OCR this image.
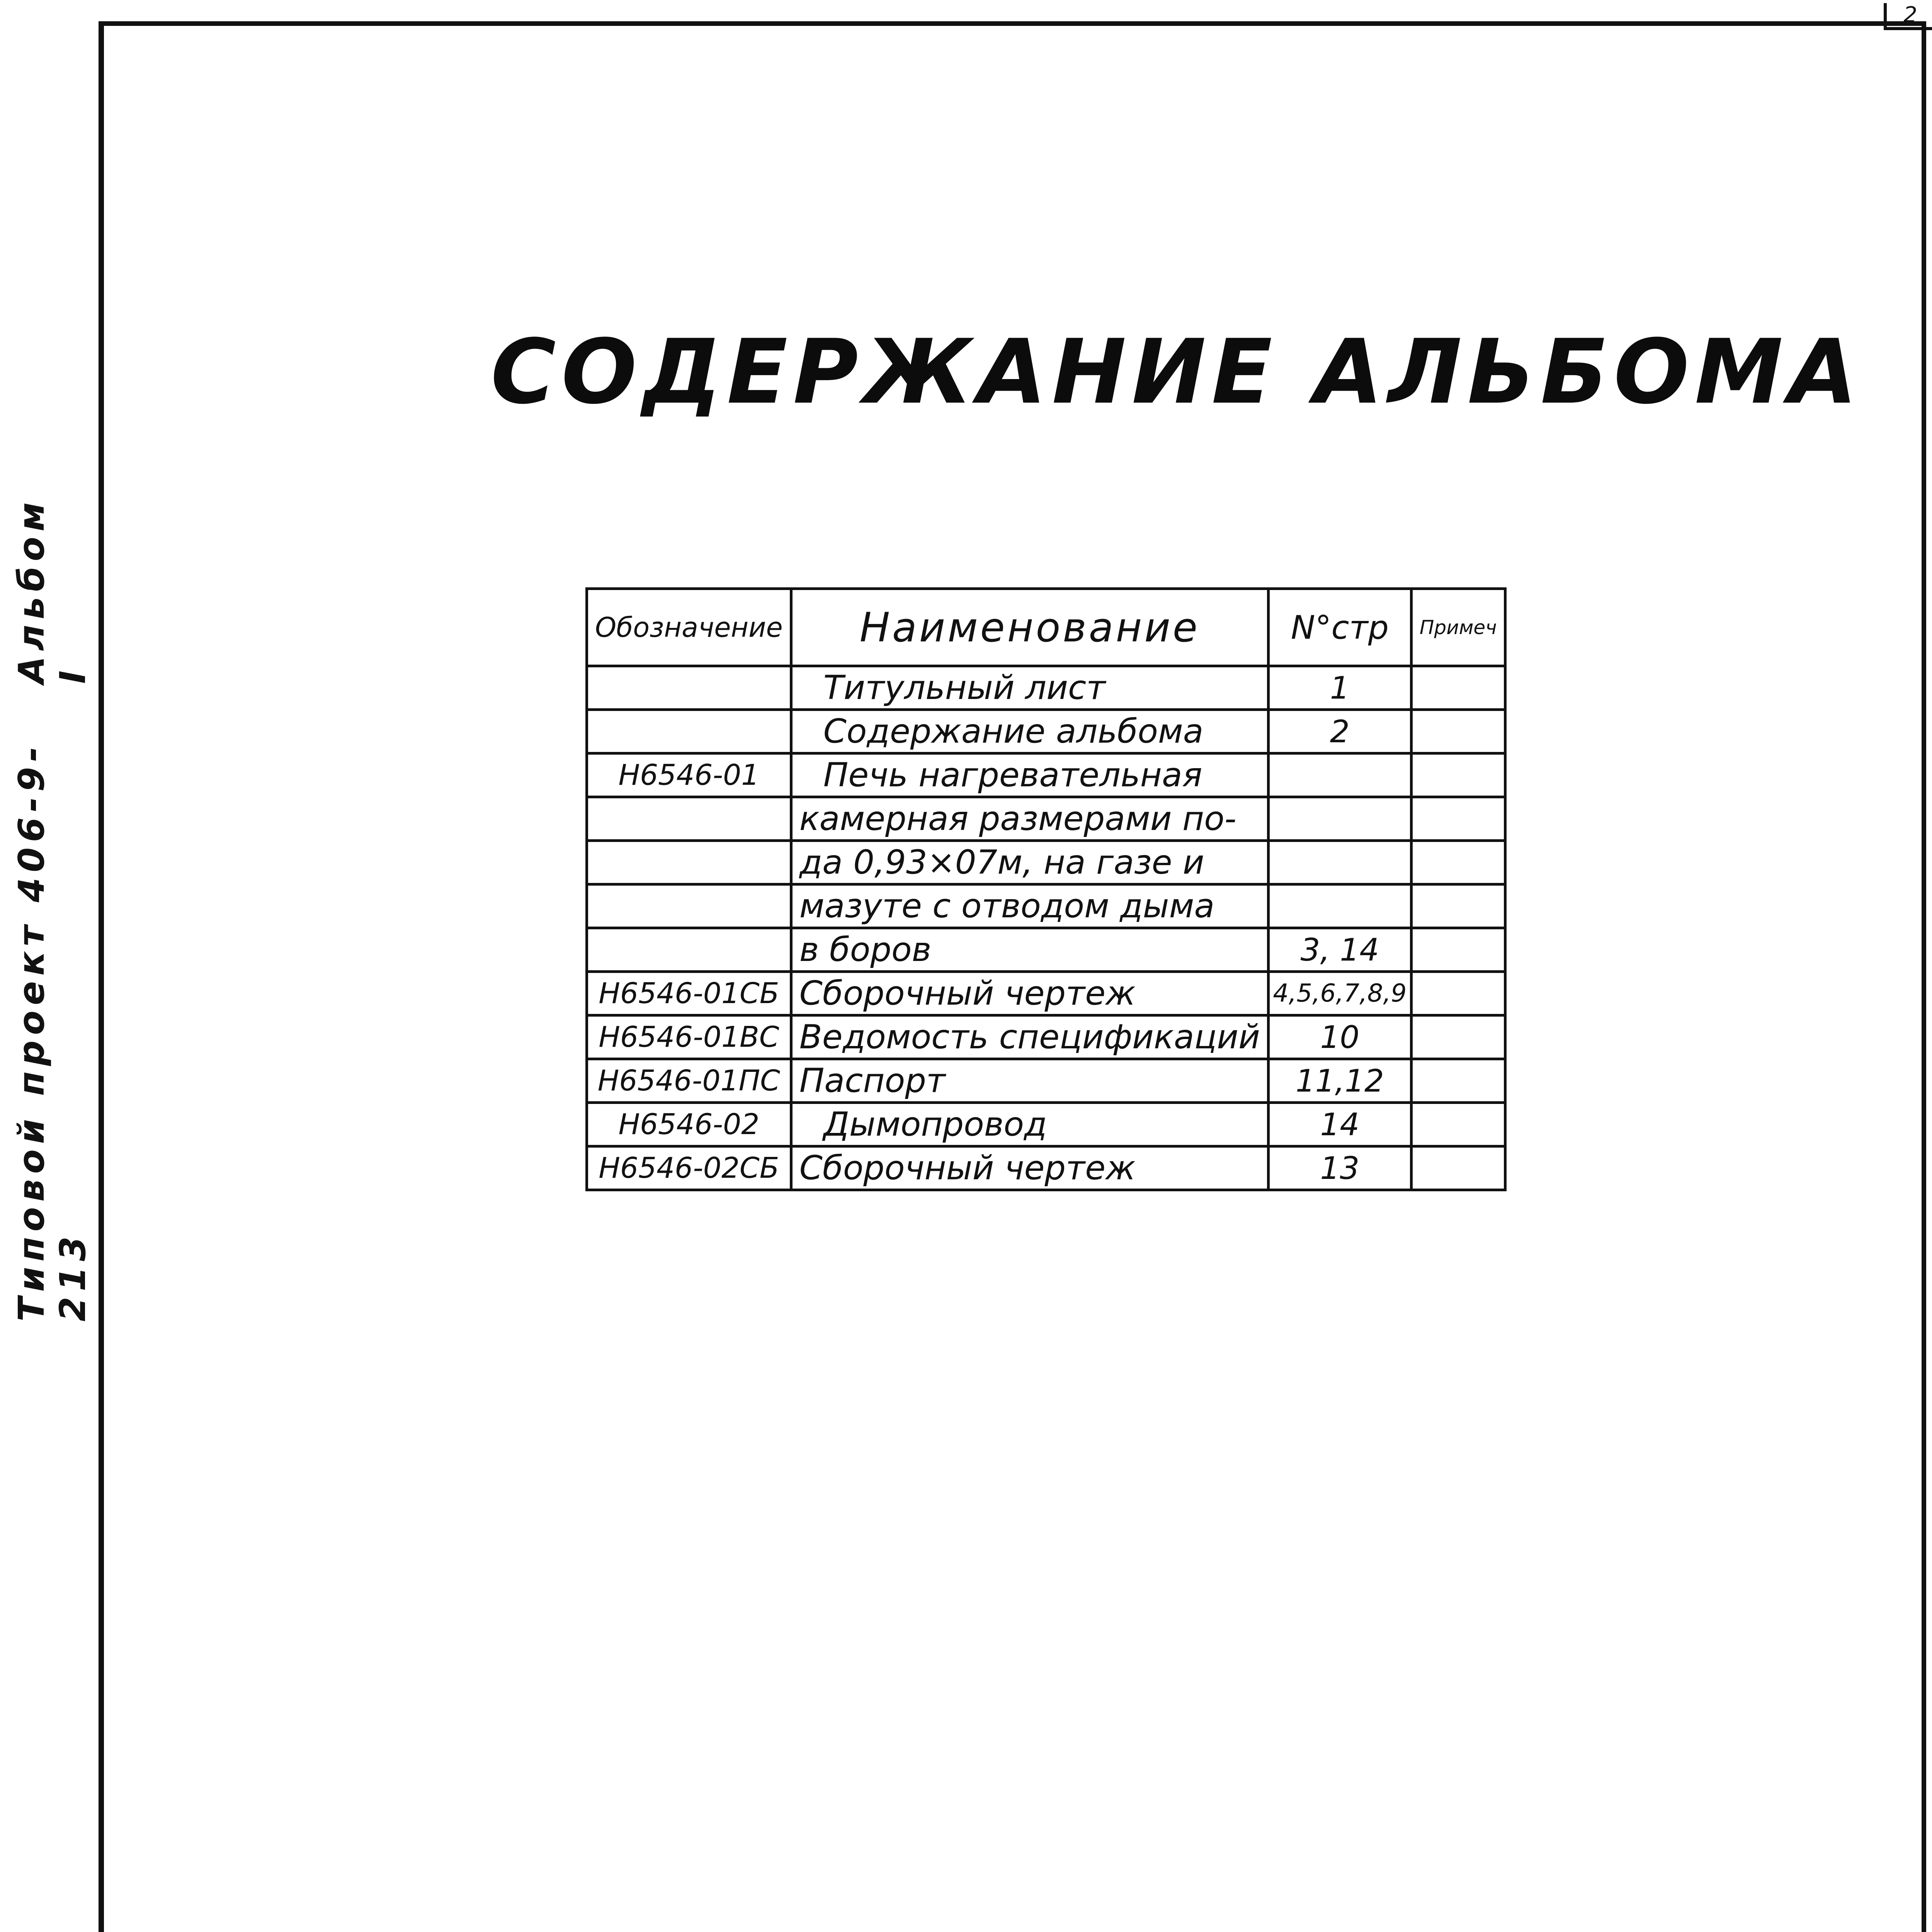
2
Типовой проект 406-9-213
Альбом I
СОДЕРЖАНИЕ АЛЬБОМА
Обозначение	Наименование	N°стр	Примеч
	Титульный лист	1	
	Содержание альбома	2	
Н6546-01	Печь нагревательная		
	камерная размерами по-		
	да 0,93×07м, на газе и		
	мазуте с отводом дыма		
	в боров	3, 14	
Н6546-01СБ	Сборочный чертеж	4,5,6,7,8,9	
Н6546-01ВС	Ведомость спецификаций	10	
Н6546-01ПС	Паспорт	11,12	
Н6546-02	Дымопровод	14	
Н6546-02СБ	Сборочный чертеж	13	
